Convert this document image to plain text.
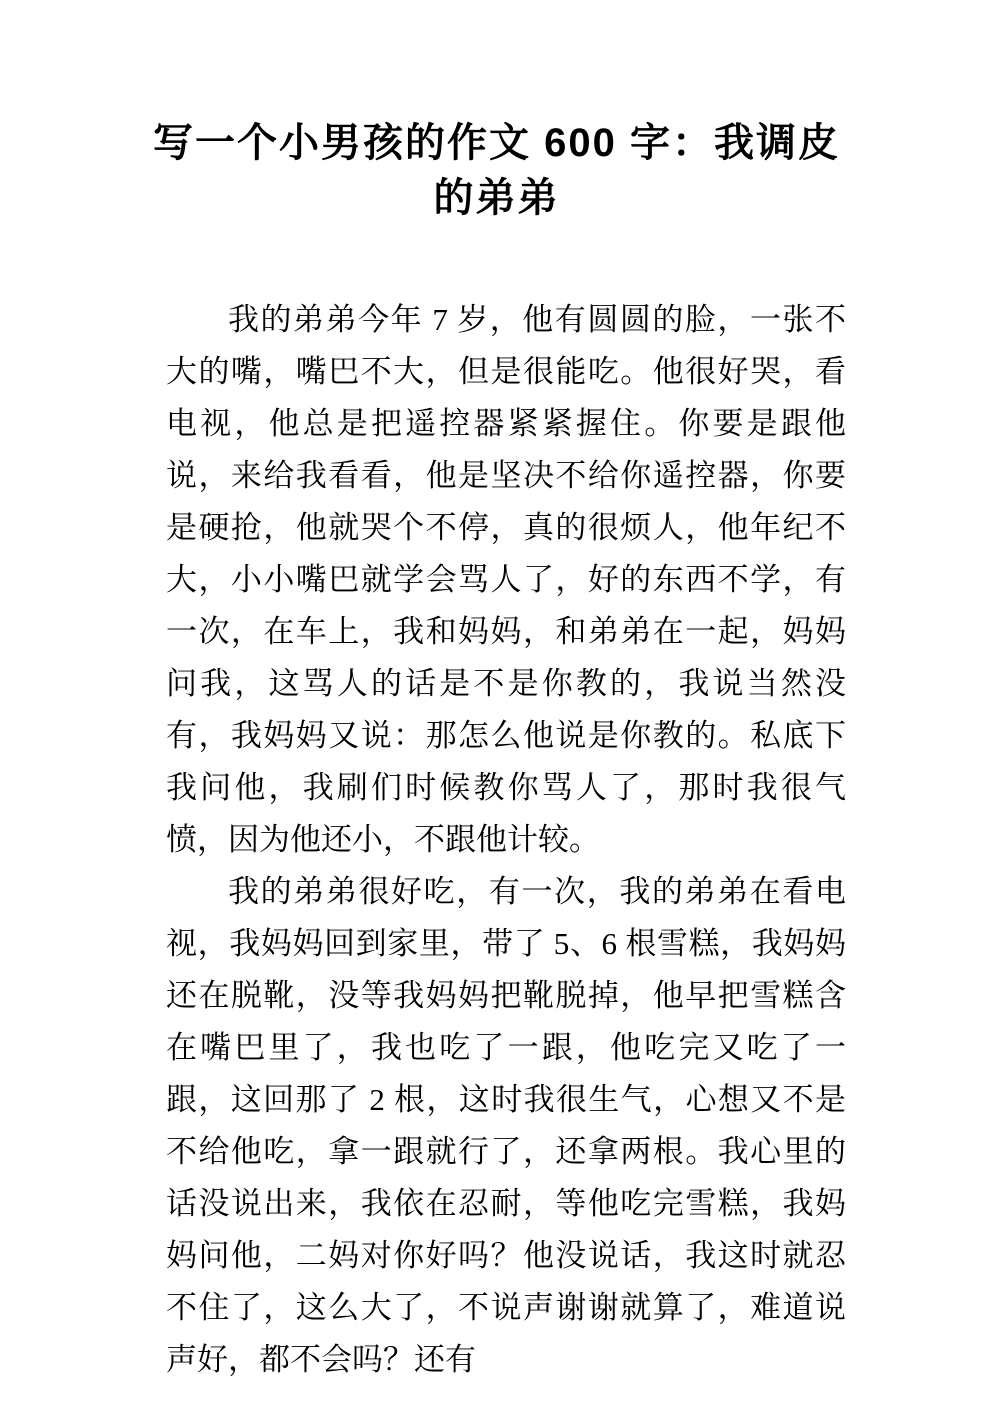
写一个小男孩的作文 600 字：我调皮的弟弟

我的弟弟今年 7 岁，他有圆圆的脸，一张不大的嘴，嘴巴不大，但是很能吃。他很好哭，看电视，他总是把遥控器紧紧握住。你要是跟他说，来给我看看，他是坚决不给你遥控器，你要是硬抢，他就哭个不停，真的很烦人，他年纪不大，小小嘴巴就学会骂人了，好的东西不学，有一次，在车上，我和妈妈，和弟弟在一起，妈妈问我，这骂人的话是不是你教的，我说当然没有，我妈妈又说：那怎么他说是你教的。私底下我问他，我刷们时候教你骂人了，那时我很气愤，因为他还小，不跟他计较。

我的弟弟很好吃，有一次，我的弟弟在看电视，我妈妈回到家里，带了 5、6 根雪糕，我妈妈还在脱靴，没等我妈妈把靴脱掉，他早把雪糕含在嘴巴里了，我也吃了一跟，他吃完又吃了一跟，这回那了 2 根，这时我很生气，心想又不是不给他吃，拿一跟就行了，还拿两根。我心里的话没说出来，我依在忍耐，等他吃完雪糕，我妈妈问他，二妈对你好吗？他没说话，我这时就忍不住了，这么大了，不说声谢谢就算了，难道说声好，都不会吗？还有
